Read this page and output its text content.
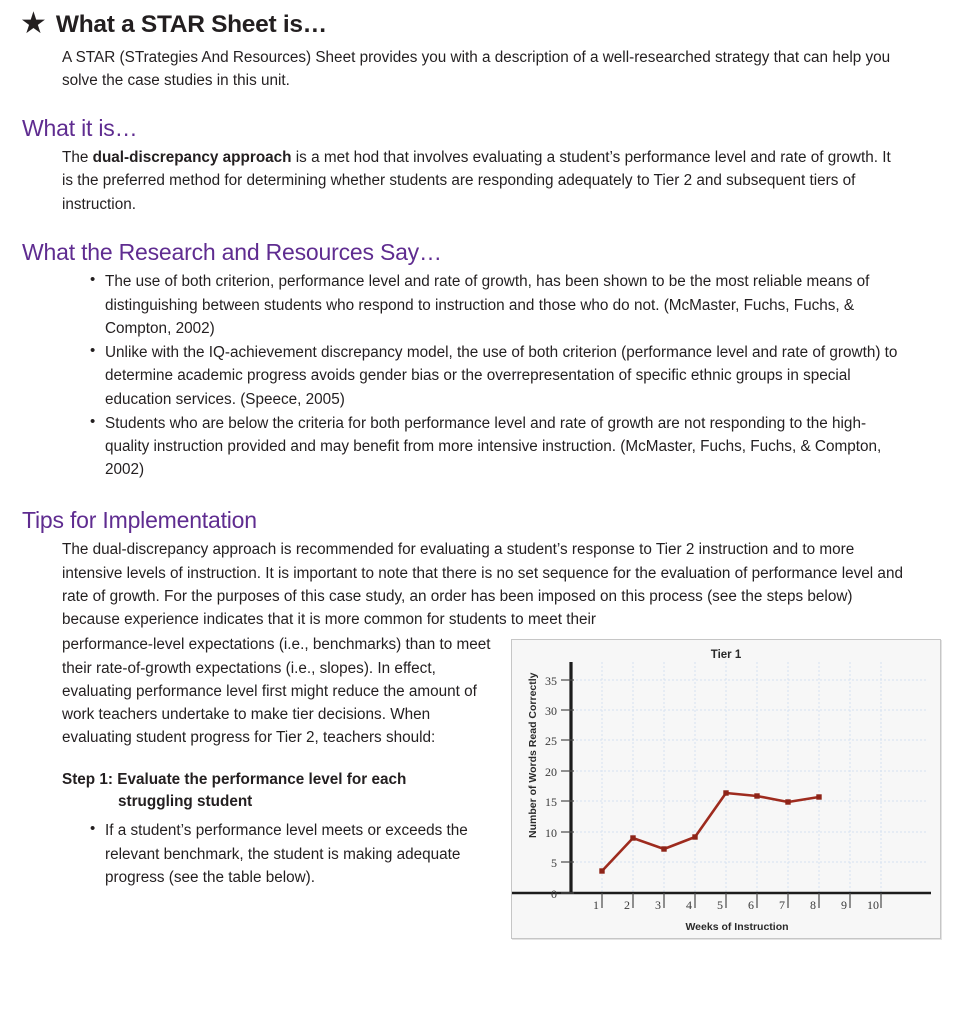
★ What a STAR Sheet is…

A STAR (STrategies And Resources) Sheet provides you with a description of a well-researched strategy that can help you solve the case studies in this unit.

What it is…

The dual-discrepancy approach is a met hod that involves evaluating a student’s performance level and rate of growth. It is the preferred method for determining whether students are responding adequately to Tier 2 and subsequent tiers of instruction.

What the Research and Resources Say…
• The use of both criterion, performance level and rate of growth, has been shown to be the most reliable means of distinguishing between students who respond to instruction and those who do not. (McMaster, Fuchs, Fuchs, & Compton, 2002)
• Unlike with the IQ-achievement discrepancy model, the use of both criterion (performance level and rate of growth) to determine academic progress avoids gender bias or the overrepresentation of specific ethnic groups in special education services. (Speece, 2005)
• Students who are below the criteria for both performance level and rate of growth are not responding to the high-quality instruction provided and may benefit from more intensive instruction. (McMaster, Fuchs, Fuchs, & Compton, 2002)
Tips for Implementation

The dual-discrepancy approach is recommended for evaluating a student’s response to Tier 2 instruction and to more intensive levels of instruction. It is important to note that there is no set sequence for the evaluation of performance level and rate of growth. For the purposes of this case study, an order has been imposed on this process (see the steps below) because experience indicates that it is more common for students to meet their

Tier 1
35
30
25
20
15
10
5
0
1 2 3 4 5 6 7 8 9 10
Number of Words Read Correctly
Weeks of Instruction

performance-level expectations (i.e., benchmarks) than to meet their rate-of-growth expectations (i.e., slopes). In effect, evaluating performance level first might reduce the amount of work teachers undertake to make tier decisions. When evaluating student progress for Tier 2, teachers should:

Step 1: Evaluate the performance level for each
struggling student
• If a student’s performance level meets or exceeds the relevant benchmark, the student is making adequate progress (see the table below).
